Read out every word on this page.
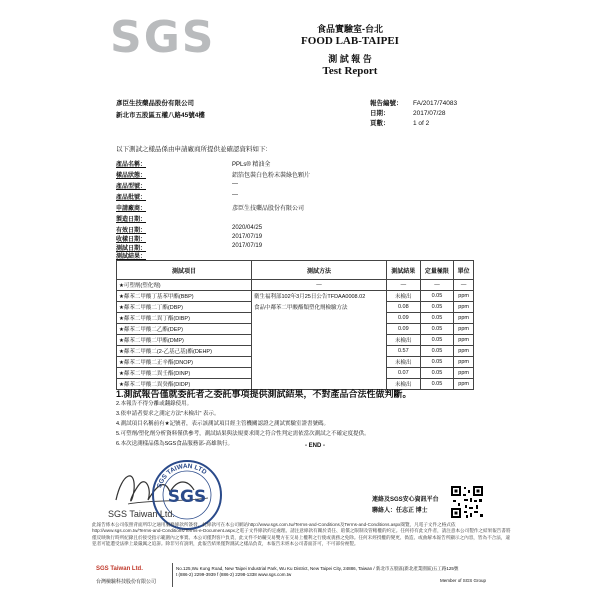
SGS	食品實驗室-台北
FOOD LAB-TAIPEI
測 試 報 告
Test Report
彥臣生技藥品股份有限公司
新北市五股區五權八路45號4樓
報告編號： FA/2017/74083
日期：	2017/07/28
頁數：	1 of 2
以下測試之樣品係由申請廠商所提供並確認資料如下:
產品名稱：	PPLs® 精油全
樣品狀態：	鋁箔包裝白色粉末裝綠色顆片
產品型號：	—
產品批號：	—
申請廠商：	彥臣生技藥品股份有限公司
製造日期：
有效日期：	2020/04/25
收樣日期：	2017/07/19
測試日期：	2017/07/19
測試結果：
測試項目	測試方法	測試結果	定量極限	單位
★可塑劑(塑化劑)	—	—	—	—
★鄰苯二甲酸丁基苯甲酯(BBP)	衛生福利部102年3月25日公告TFDAA0008.02	未檢出	0.05	ppm
★鄰苯二甲酸二丁酯(DBP)	食品中鄰苯二甲酸酯類塑化劑檢驗方法	0.08	0.05	ppm
★鄰苯二甲酸二異丁酯(DIBP)		0.09	0.05	ppm
★鄰苯二甲酸二乙酯(DEP)		0.09	0.05	ppm
★鄰苯二甲酸二甲酯(DMP)		未檢出	0.05	ppm
★鄰苯二甲酸二(2-乙基己基)酯(DEHP)		0.57	0.05	ppm
★鄰苯二甲酸二正辛酯(DNOP)		未檢出	0.05	ppm
★鄰苯二甲酸二異壬酯(DINP)		0.07	0.05	ppm
★鄰苯二甲酸二異癸酯(DIDP)		未檢出	0.05	ppm
1.測試報告僅就委託者之委託事項提供測試結果，不對產品合法性做判斷。
2.本報告不得分離或翻錄使用。
3.依申請者要求之測定方法"未檢出" 表示。
4.測試項目名稱前有★記號者，表示該測試項目經主管機關認證之測試實驗室證書號碼。
5.可塑劑/塑化劑分析資料僅供參考，測試結果與法規要求間之符合性判定需依當次測試之不確定度提供。
6.本次送測樣品係為SGS食品服務部-高雄執行。	- END -
SGS TAIWAN LTD
SGS
SGS Taiwan Ltd.
連絡及SGS安心資訊平台
聯絡人：任志正 博士
此報告係本公司依照背面所印之通用服務條款所簽發，此條款可在本公司網站http://www.sgs.com.tw/Terms-and-Conditions及Terms-and-Conditions.aspx閱覽，凡電子文件之格式依http://www.sgs.com.tw/Terms-and-Conditions/Terms-e-Document.aspx之電子文件條款約定處理。請注意條款有關於責任、賠償之限制及管轄權的約定。任何持有此文件者，請注意本公司製作之結果報告書將僅反映執行時所紀錄且於接受指示範圍內之事實。本公司僅對客戶負責，此文件不妨礙交易雙方在交易上權利之行使或義務之免除。任何未經授權的變更、偽造、或曲解本報告所顯示之內容，皆為不合法，違犯者可能遭受法律上最嚴厲之追訴。除非另有說明，此報告結果僅對測試之樣品負責，本報告未經本公司書面許可，不可部份複製。
SGS Taiwan Ltd.
台灣檢驗科技股份有限公司
No.125,Wu Kung Road, New Taipei Industrial Park, Wu Ku District, New Taipei City, 24886, Taiwan / 新北市五股區(新北產業園區)五工路125號
t (886-2) 2299-3939 f (886-2) 2298-1338 www.sgs.com.tw
Member of SGS Group
